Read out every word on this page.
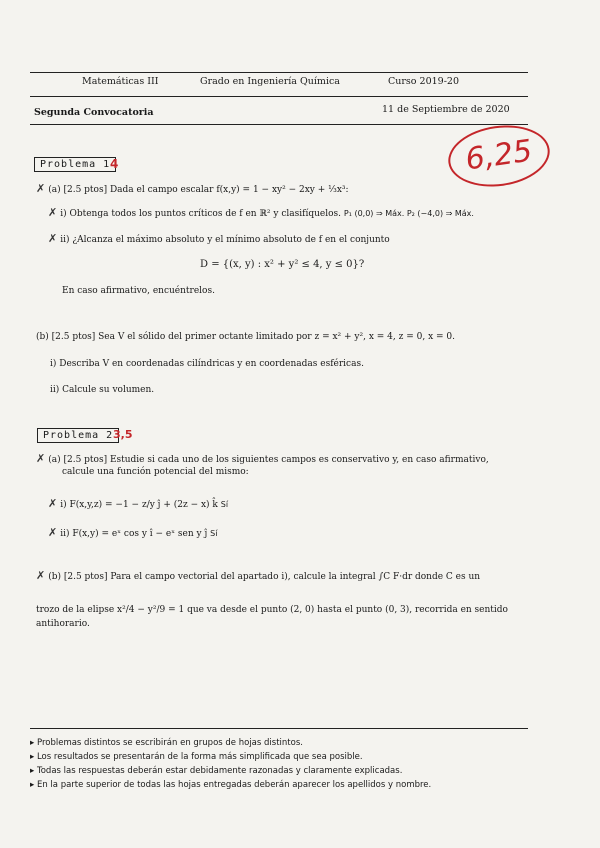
Matemáticas III	Grado en Ingeniería Química	Curso 2019-20
Segunda Convocatoria	11 de Septiembre de 2020
6,25
Problema 1 4
✗ (a) [2.5 ptos] Dada el campo escalar f(x,y) = 1 − xy² − 2xy + ⅓x³:
✗ i) Obtenga todos los puntos críticos de f en ℝ² y clasifíquelos. P₁ (0,0) ⇒ Máx. P₂ (−4,0) ⇒ Máx.
✗ ii) ¿Alcanza el máximo absoluto y el mínimo absoluto de f en el conjunto
D = {(x, y) : x² + y² ≤ 4, y ≤ 0}?
En caso afirmativo, encuéntrelos.
(b) [2.5 ptos] Sea V el sólido del primer octante limitado por z = x² + y², x = 4, z = 0, x = 0.
i) Describa V en coordenadas cilíndricas y en coordenadas esféricas.
ii) Calcule su volumen.
Problema 2 3,5
✗ (a) [2.5 ptos] Estudie si cada uno de los siguientes campos es conservativo y, en caso afirmativo,
calcule una función potencial del mismo:
✗ i) F(x,y,z) = −1 − z/y ĵ + (2z − x) k̂ Sí
✗ ii) F(x,y) = eˣ cos y î − eˣ sen y ĵ Sí
✗ (b) [2.5 ptos] Para el campo vectorial del apartado i), calcule la integral ∫C F·dr donde C es un
trozo de la elipse x²/4 − y²/9 = 1 que va desde el punto (2, 0) hasta el punto (0, 3), recorrida en sentido
antihorario.
▸ Problemas distintos se escribirán en grupos de hojas distintos.
▸ Los resultados se presentarán de la forma más simplificada que sea posible.
▸ Todas las respuestas deberán estar debidamente razonadas y claramente explicadas.
▸ En la parte superior de todas las hojas entregadas deberán aparecer los apellidos y nombre.
